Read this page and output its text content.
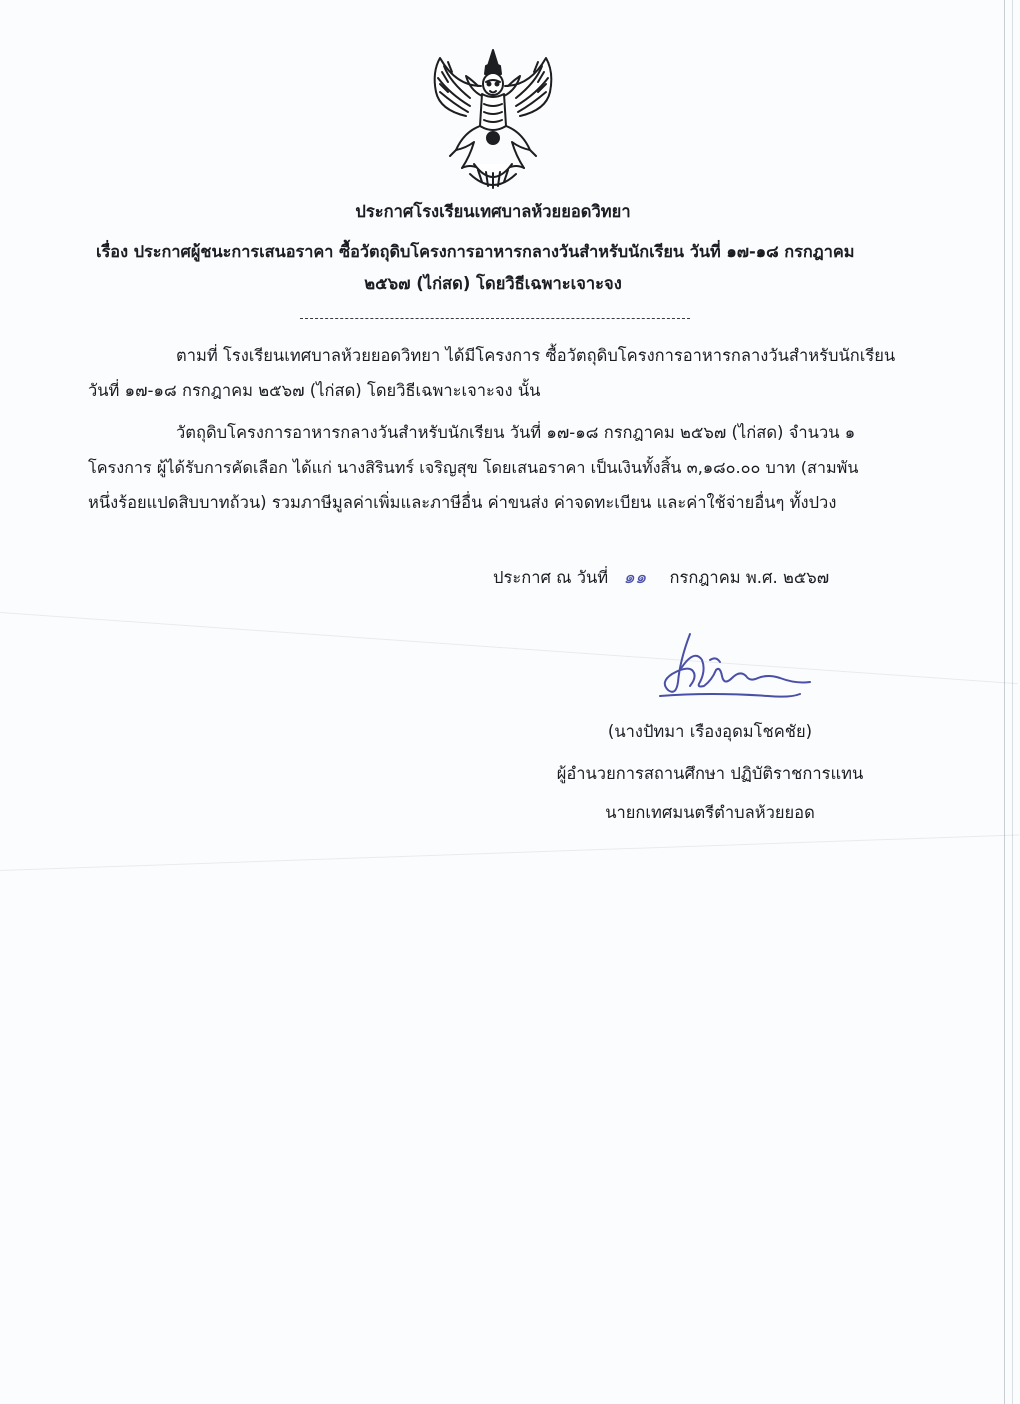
ประกาศโรงเรียนเทศบาลห้วยยอดวิทยา
เรื่อง ประกาศผู้ชนะการเสนอราคา ซื้อวัตถุดิบโครงการอาหารกลางวันสำหรับนักเรียน วันที่ ๑๗-๑๘ กรกฎาคม
๒๕๖๗ (ไก่สด) โดยวิธีเฉพาะเจาะจง
ตามที่ โรงเรียนเทศบาลห้วยยอดวิทยา ได้มีโครงการ ซื้อวัตถุดิบโครงการอาหารกลางวันสำหรับนักเรียน
วันที่ ๑๗-๑๘ กรกฎาคม ๒๕๖๗ (ไก่สด) โดยวิธีเฉพาะเจาะจง นั้น
วัตถุดิบโครงการอาหารกลางวันสำหรับนักเรียน วันที่ ๑๗-๑๘ กรกฎาคม ๒๕๖๗ (ไก่สด) จำนวน ๑
โครงการ ผู้ได้รับการคัดเลือก ได้แก่ นางสิรินทร์ เจริญสุข โดยเสนอราคา เป็นเงินทั้งสิ้น ๓,๑๘๐.๐๐ บาท (สามพัน
หนึ่งร้อยแปดสิบบาทถ้วน) รวมภาษีมูลค่าเพิ่มและภาษีอื่น ค่าขนส่ง ค่าจดทะเบียน และค่าใช้จ่ายอื่นๆ ทั้งปวง
ประกาศ ณ วันที่ ๑๑ กรกฎาคม พ.ศ. ๒๕๖๗
(นางปัทมา เรืองอุดมโชคชัย)
ผู้อำนวยการสถานศึกษา ปฏิบัติราชการแทน
นายกเทศมนตรีตำบลห้วยยอด
